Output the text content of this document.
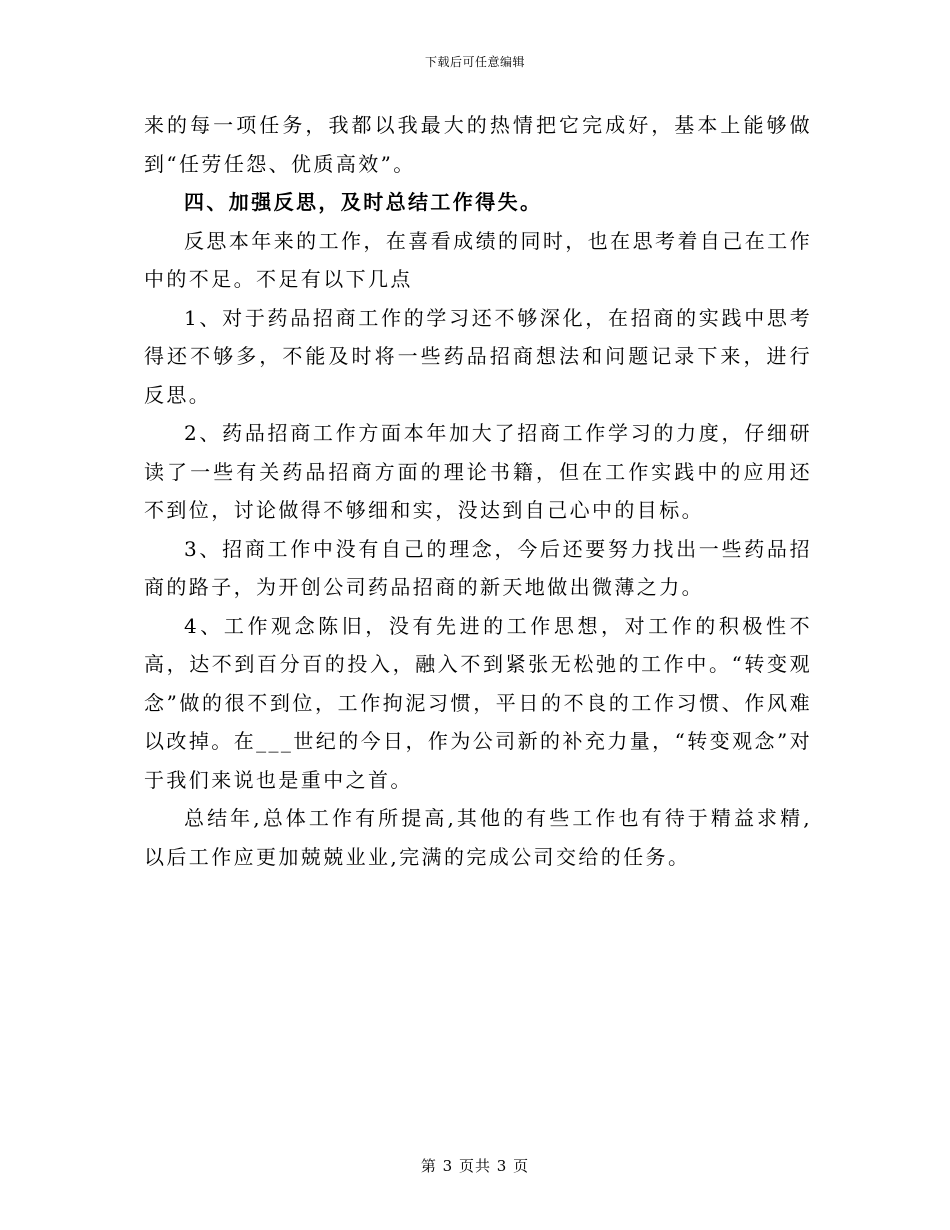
下载后可任意编辑

来的每一项任务，我都以我最大的热情把它完成好，基本上能够做到“任劳任怨、优质高效”。

四、加强反思，及时总结工作得失。

反思本年来的工作，在喜看成绩的同时，也在思考着自己在工作中的不足。不足有以下几点

1、对于药品招商工作的学习还不够深化，在招商的实践中思考得还不够多，不能及时将一些药品招商想法和问题记录下来，进行反思。

2、药品招商工作方面本年加大了招商工作学习的力度，仔细研读了一些有关药品招商方面的理论书籍，但在工作实践中的应用还不到位，讨论做得不够细和实，没达到自己心中的目标。

3、招商工作中没有自己的理念，今后还要努力找出一些药品招商的路子，为开创公司药品招商的新天地做出微薄之力。

4、工作观念陈旧，没有先进的工作思想，对工作的积极性不高，达不到百分百的投入，融入不到紧张无松弛的工作中。“转变观念”做的很不到位，工作拘泥习惯，平日的不良的工作习惯、作风难以改掉。在___世纪的今日，作为公司新的补充力量，“转变观念”对于我们来说也是重中之首。

总结年,总体工作有所提高,其他的有些工作也有待于精益求精,以后工作应更加兢兢业业,完满的完成公司交给的任务。

第 3 页共 3 页
